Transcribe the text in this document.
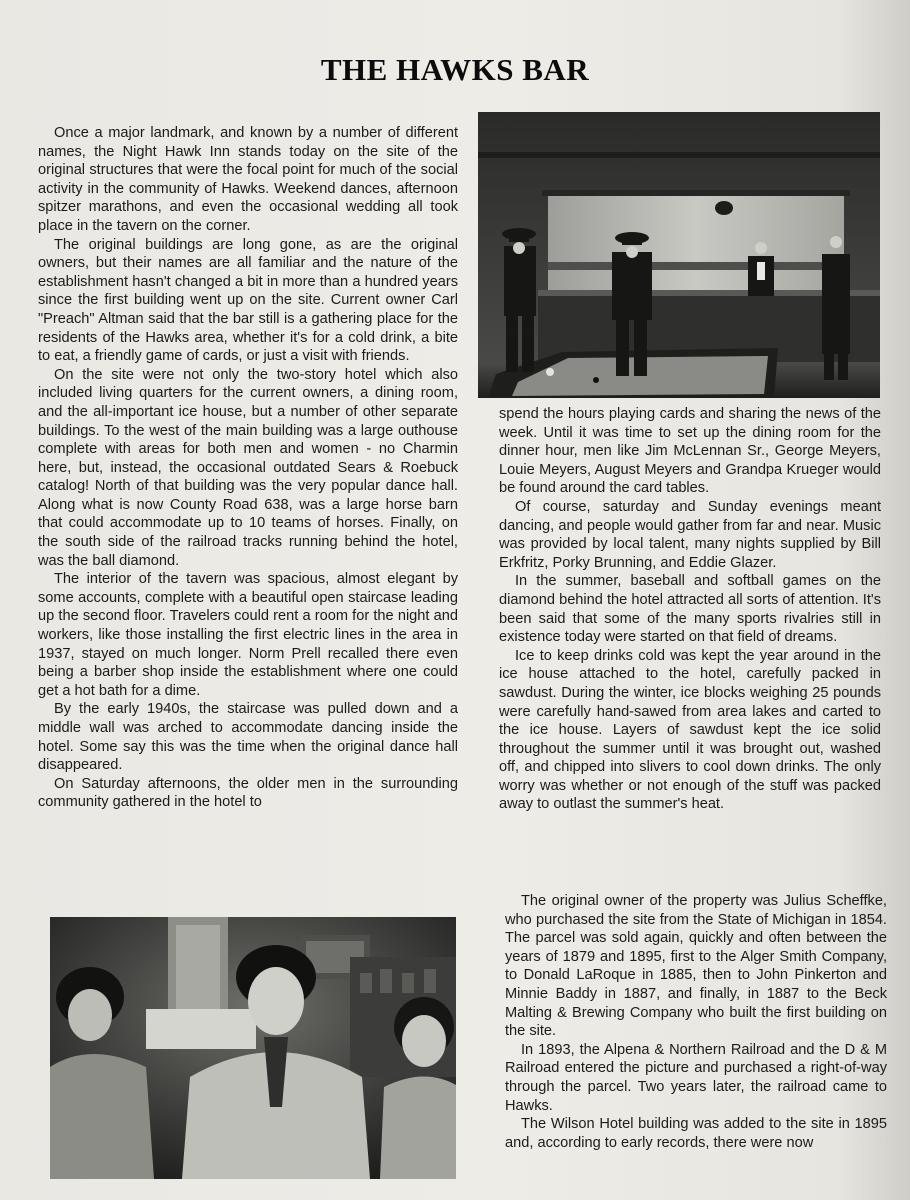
THE HAWKS BAR

Once a major landmark, and known by a number of different names, the Night Hawk Inn stands today on the site of the original structures that were the focal point for much of the social activity in the community of Hawks. Weekend dances, afternoon spitzer marathons, and even the occasional wedding all took place in the tavern on the corner.

The original buildings are long gone, as are the original owners, but their names are all familiar and the nature of the establishment hasn't changed a bit in more than a hundred years since the first building went up on the site. Current owner Carl "Preach" Altman said that the bar still is a gathering place for the residents of the Hawks area, whether it's for a cold drink, a bite to eat, a friendly game of cards, or just a visit with friends.

On the site were not only the two-story hotel which also included living quarters for the current owners, a dining room, and the all-important ice house, but a number of other separate buildings. To the west of the main building was a large outhouse complete with areas for both men and women - no Charmin here, but, instead, the occasional outdated Sears & Roebuck catalog! North of that building was the very popular dance hall. Along what is now County Road 638, was a large horse barn that could accommodate up to 10 teams of horses. Finally, on the south side of the railroad tracks running behind the hotel, was the ball diamond.

The interior of the tavern was spacious, almost elegant by some accounts, complete with a beautiful open staircase leading up the second floor. Travelers could rent a room for the night and workers, like those installing the first electric lines in the area in 1937, stayed on much longer. Norm Prell recalled there even being a barber shop inside the establishment where one could get a hot bath for a dime.

By the early 1940s, the staircase was pulled down and a middle wall was arched to accommodate dancing inside the hotel. Some say this was the time when the original dance hall disappeared.

On Saturday afternoons, the older men in the surrounding community gathered in the hotel to

spend the hours playing cards and sharing the news of the week. Until it was time to set up the dining room for the dinner hour, men like Jim McLennan Sr., George Meyers, Louie Meyers, August Meyers and Grandpa Krueger would be found around the card tables.

Of course, saturday and Sunday evenings meant dancing, and people would gather from far and near. Music was provided by local talent, many nights supplied by Bill Erkfritz, Porky Brunning, and Eddie Glazer.

In the summer, baseball and softball games on the diamond behind the hotel attracted all sorts of attention. It's been said that some of the many sports rivalries still in existence today were started on that field of dreams.

Ice to keep drinks cold was kept the year around in the ice house attached to the hotel, carefully packed in sawdust. During the winter, ice blocks weighing 25 pounds were carefully hand-sawed from area lakes and carted to the ice house. Layers of sawdust kept the ice solid throughout the summer until it was brought out, washed off, and chipped into slivers to cool down drinks. The only worry was whether or not enough of the stuff was packed away to outlast the summer's heat.

The original owner of the property was Julius Scheffke, who purchased the site from the State of Michigan in 1854. The parcel was sold again, quickly and often between the years of 1879 and 1895, first to the Alger Smith Company, to Donald LaRoque in 1885, then to John Pinkerton and Minnie Baddy in 1887, and finally, in 1887 to the Beck Malting & Brewing Company who built the first building on the site.

In 1893, the Alpena & Northern Railroad and the D & M Railroad entered the picture and purchased a right-of-way through the parcel. Two years later, the railroad came to Hawks.

The Wilson Hotel building was added to the site in 1895 and, according to early records, there were now
